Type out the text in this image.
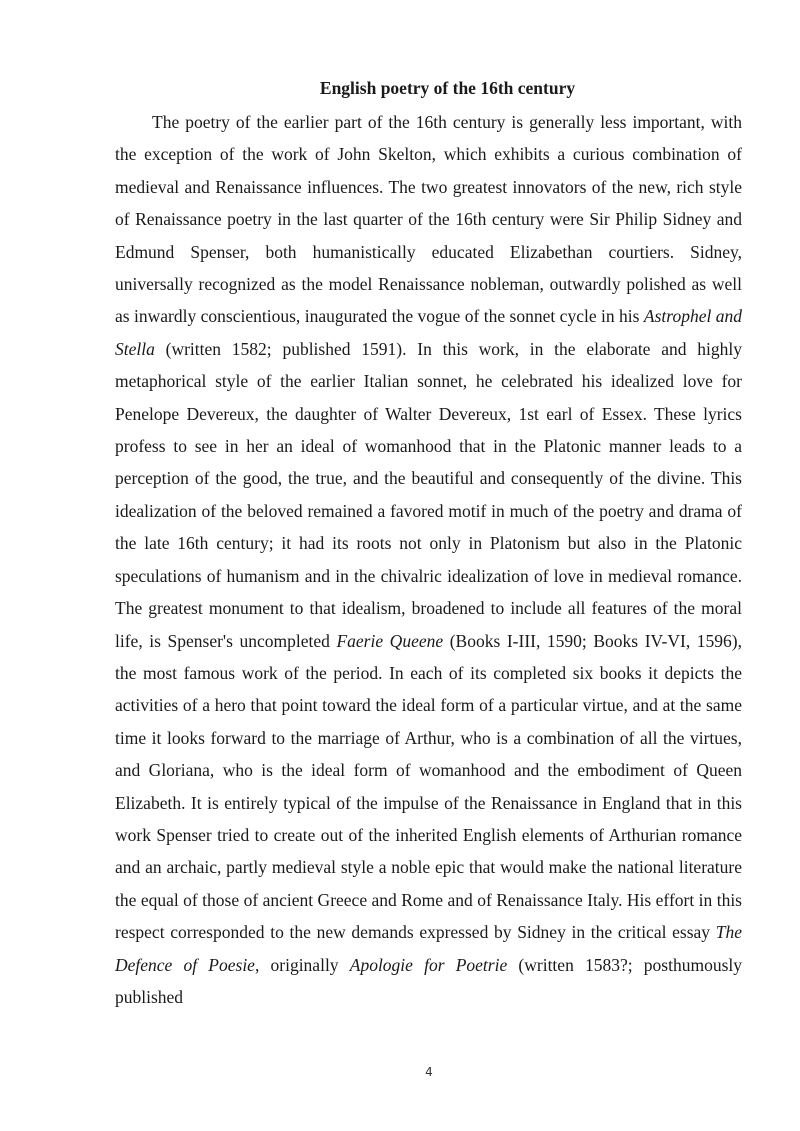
English poetry of the 16th century

The poetry of the earlier part of the 16th century is generally less important, with the exception of the work of John Skelton, which exhibits a curious combination of medieval and Renaissance influences. The two greatest innovators of the new, rich style of Renaissance poetry in the last quarter of the 16th century were Sir Philip Sidney and Edmund Spenser, both humanistically educated Elizabethan courtiers. Sidney, universally recognized as the model Renaissance nobleman, outwardly polished as well as inwardly conscientious, inaugurated the vogue of the sonnet cycle in his Astrophel and Stella (written 1582; published 1591). In this work, in the elaborate and highly metaphorical style of the earlier Italian sonnet, he celebrated his idealized love for Penelope Devereux, the daughter of Walter Devereux, 1st earl of Essex. These lyrics profess to see in her an ideal of womanhood that in the Platonic manner leads to a perception of the good, the true, and the beautiful and consequently of the divine. This idealization of the beloved remained a favored motif in much of the poetry and drama of the late 16th century; it had its roots not only in Platonism but also in the Platonic speculations of humanism and in the chivalric idealization of love in medieval romance. The greatest monument to that idealism, broadened to include all features of the moral life, is Spenser's uncompleted Faerie Queene (Books I-III, 1590; Books IV-VI, 1596), the most famous work of the period. In each of its completed six books it depicts the activities of a hero that point toward the ideal form of a particular virtue, and at the same time it looks forward to the marriage of Arthur, who is a combination of all the virtues, and Gloriana, who is the ideal form of womanhood and the embodiment of Queen Elizabeth. It is entirely typical of the impulse of the Renaissance in England that in this work Spenser tried to create out of the inherited English elements of Arthurian romance and an archaic, partly medieval style a noble epic that would make the national literature the equal of those of ancient Greece and Rome and of Renaissance Italy. His effort in this respect corresponded to the new demands expressed by Sidney in the critical essay The Defence of Poesie, originally Apologie for Poetrie (written 1583?; posthumously published

4
